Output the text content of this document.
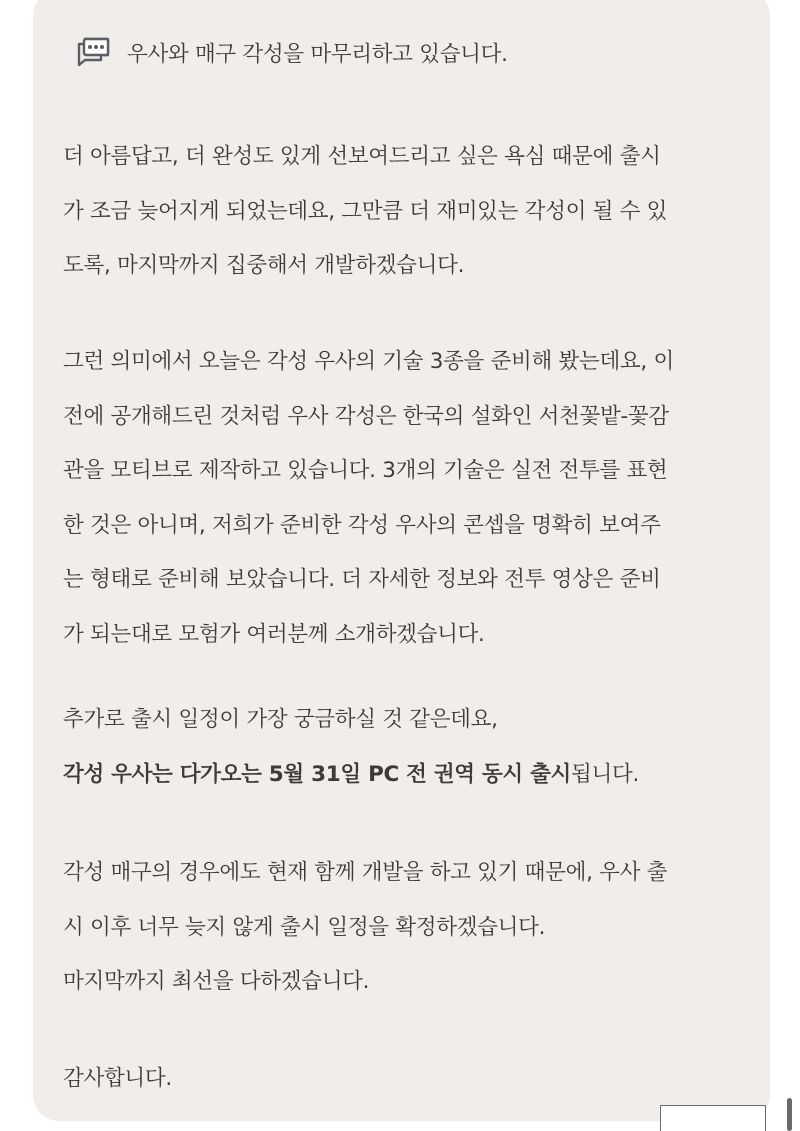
우사와 매구 각성을 마무리하고 있습니다.
더 아름답고, 더 완성도 있게 선보여드리고 싶은 욕심 때문에 출시
가 조금 늦어지게 되었는데요, 그만큼 더 재미있는 각성이 될 수 있
도록, 마지막까지 집중해서 개발하겠습니다.
그런 의미에서 오늘은 각성 우사의 기술 3종을 준비해 봤는데요, 이
전에 공개해드린 것처럼 우사 각성은 한국의 설화인 서천꽃밭-꽃감
관을 모티브로 제작하고 있습니다. 3개의 기술은 실전 전투를 표현
한 것은 아니며, 저희가 준비한 각성 우사의 콘셉을 명확히 보여주
는 형태로 준비해 보았습니다. 더 자세한 정보와 전투 영상은 준비
가 되는대로 모험가 여러분께 소개하겠습니다.
추가로 출시 일정이 가장 궁금하실 것 같은데요,
각성 우사는 다가오는 5월 31일 PC 전 권역 동시 출시됩니다.
각성 매구의 경우에도 현재 함께 개발을 하고 있기 때문에, 우사 출
시 이후 너무 늦지 않게 출시 일정을 확정하겠습니다.
마지막까지 최선을 다하겠습니다.
감사합니다.
